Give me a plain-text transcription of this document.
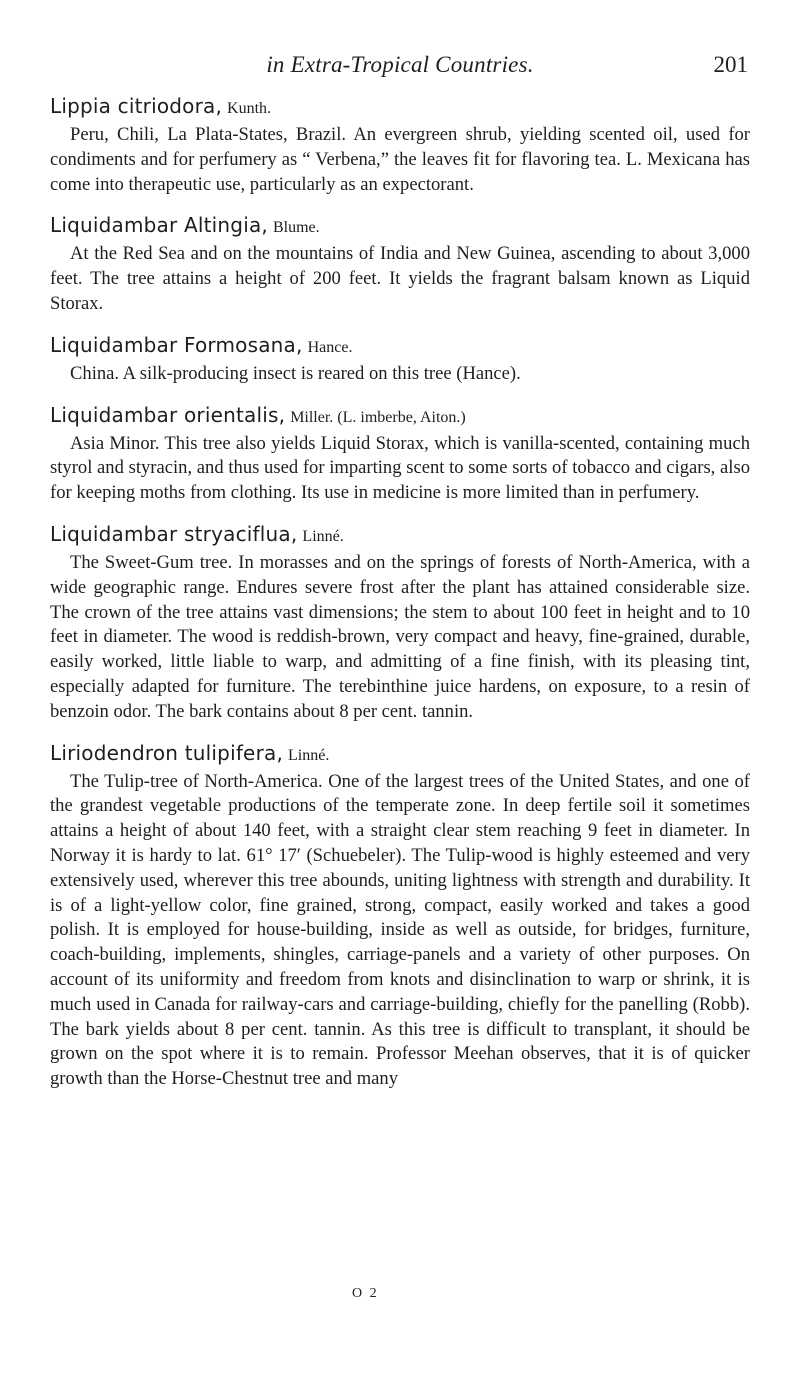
in Extra-Tropical Countries.	201
Lippia citriodora, Kunth.

Peru, Chili, La Plata-States, Brazil. An evergreen shrub, yielding scented oil, used for condiments and for perfumery as “ Verbena,” the leaves fit for flavoring tea. L. Mexicana has come into therapeutic use, particularly as an expectorant.

Liquidambar Altingia, Blume.

At the Red Sea and on the mountains of India and New Guinea, ascending to about 3,000 feet. The tree attains a height of 200 feet. It yields the fragrant balsam known as Liquid Storax.

Liquidambar Formosana, Hance.

China. A silk-producing insect is reared on this tree (Hance).

Liquidambar orientalis, Miller. (L. imberbe, Aiton.)

Asia Minor. This tree also yields Liquid Storax, which is vanilla-scented, containing much styrol and styracin, and thus used for imparting scent to some sorts of tobacco and cigars, also for keeping moths from clothing. Its use in medicine is more limited than in perfumery.

Liquidambar stryaciflua, Linné.

The Sweet-Gum tree. In morasses and on the springs of forests of North-America, with a wide geographic range. Endures severe frost after the plant has attained considerable size. The crown of the tree attains vast dimensions; the stem to about 100 feet in height and to 10 feet in diameter. The wood is reddish-brown, very compact and heavy, fine-grained, durable, easily worked, little liable to warp, and admitting of a fine finish, with its pleasing tint, especially adapted for furniture. The terebinthine juice hardens, on exposure, to a resin of benzoin odor. The bark contains about 8 per cent. tannin.

Liriodendron tulipifera, Linné.

The Tulip-tree of North-America. One of the largest trees of the United States, and one of the grandest vegetable productions of the temperate zone. In deep fertile soil it sometimes attains a height of about 140 feet, with a straight clear stem reaching 9 feet in diameter. In Norway it is hardy to lat. 61° 17′ (Schuebeler). The Tulip-wood is highly esteemed and very extensively used, wherever this tree abounds, uniting lightness with strength and durability. It is of a light-yellow color, fine grained, strong, compact, easily worked and takes a good polish. It is employed for house-building, inside as well as outside, for bridges, furniture, coach-building, implements, shingles, carriage-panels and a variety of other purposes. On account of its uniformity and freedom from knots and disinclination to warp or shrink, it is much used in Canada for railway-cars and carriage-building, chiefly for the panelling (Robb). The bark yields about 8 per cent. tannin. As this tree is difficult to transplant, it should be grown on the spot where it is to remain. Professor Meehan observes, that it is of quicker growth than the Horse-Chestnut tree and many

O 2
